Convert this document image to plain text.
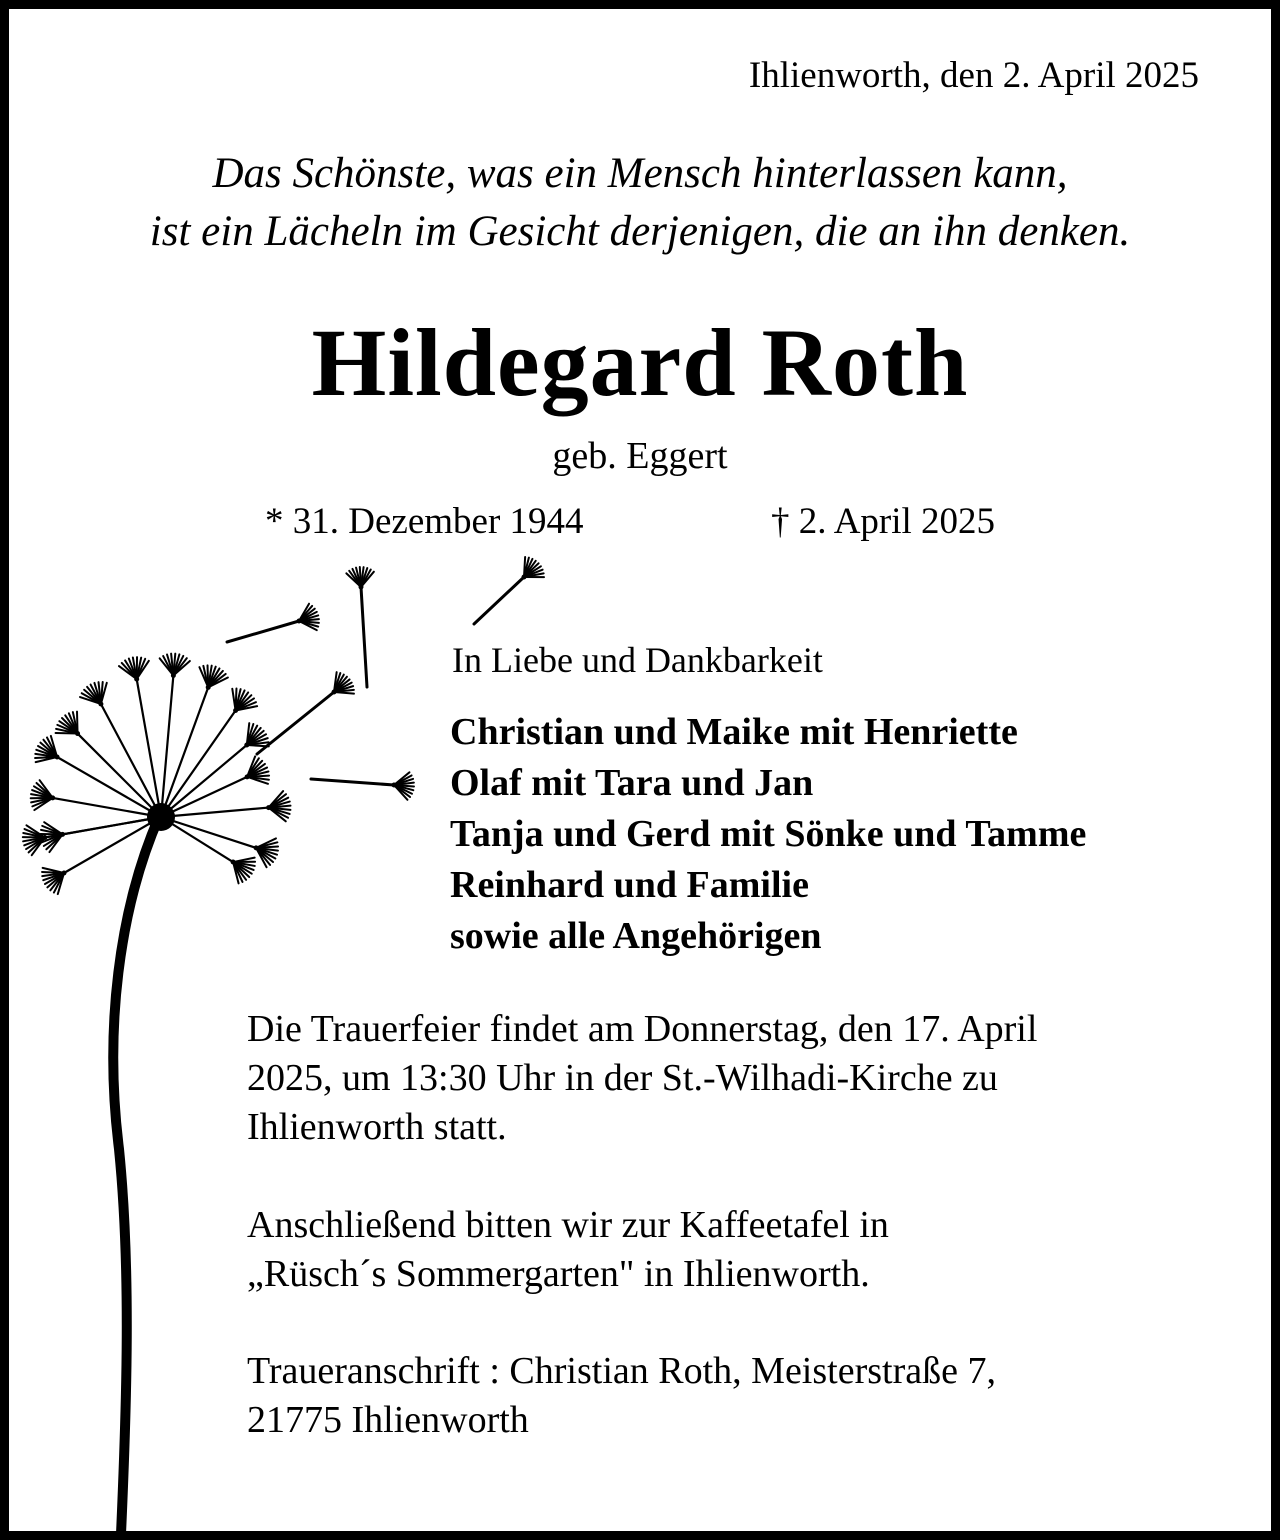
Ihlienworth, den 2. April 2025
Das Schönste, was ein Mensch hinterlassen kann,
ist ein Lächeln im Gesicht derjenigen, die an ihn denken.
Hildegard Roth
geb. Eggert
* 31. Dezember 1944	† 2. April 2025
In Liebe und Dankbarkeit
Christian und Maike mit Henriette
Olaf mit Tara und Jan
Tanja und Gerd mit Sönke und Tamme
Reinhard und Familie
sowie alle Angehörigen
Die Trauerfeier findet am Donnerstag, den 17. April
2025, um 13:30 Uhr in der St.-Wilhadi-Kirche zu
Ihlienworth statt.
Anschließend bitten wir zur Kaffeetafel in
„Rüsch´s Sommergarten" in Ihlienworth.
Traueranschrift : Christian Roth, Meisterstraße 7,
21775 Ihlienworth
